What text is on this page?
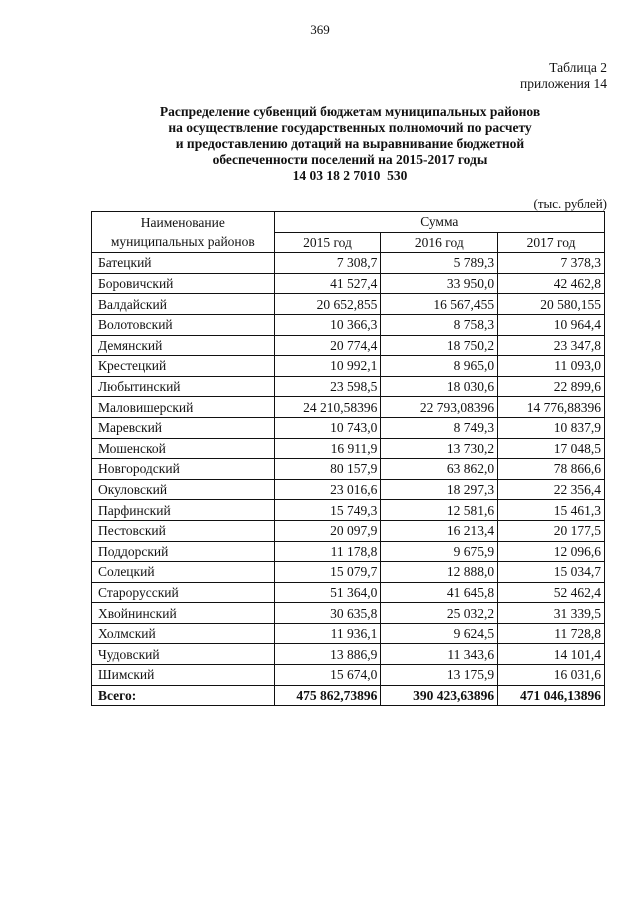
369
Таблица 2
приложения 14
Распределение субвенций бюджетам муниципальных районов
на осуществление государственных полномочий по расчету
и предоставлению дотаций на выравнивание бюджетной
обеспеченности поселений на 2015-2017 годы
14 03 18 2 7010  530
(тыс. рублей)
Наименование муниципальных районов	Сумма		
	2015 год	2016 год	2017 год
Батецкий	7 308,7	5 789,3	7 378,3
Боровичский	41 527,4	33 950,0	42 462,8
Валдайский	20 652,855	16 567,455	20 580,155
Волотовский	10 366,3	8 758,3	10 964,4
Демянский	20 774,4	18 750,2	23 347,8
Крестецкий	10 992,1	8 965,0	11 093,0
Любытинский	23 598,5	18 030,6	22 899,6
Маловишерский	24 210,58396	22 793,08396	14 776,88396
Маревский	10 743,0	8 749,3	10 837,9
Мошенской	16 911,9	13 730,2	17 048,5
Новгородский	80 157,9	63 862,0	78 866,6
Окуловский	23 016,6	18 297,3	22 356,4
Парфинский	15 749,3	12 581,6	15 461,3
Пестовский	20 097,9	16 213,4	20 177,5
Поддорский	11 178,8	9 675,9	12 096,6
Солецкий	15 079,7	12 888,0	15 034,7
Старорусский	51 364,0	41 645,8	52 462,4
Хвойнинский	30 635,8	25 032,2	31 339,5
Холмский	11 936,1	9 624,5	11 728,8
Чудовский	13 886,9	11 343,6	14 101,4
Шимский	15 674,0	13 175,9	16 031,6
Всего:	475 862,73896	390 423,63896	471 046,13896
